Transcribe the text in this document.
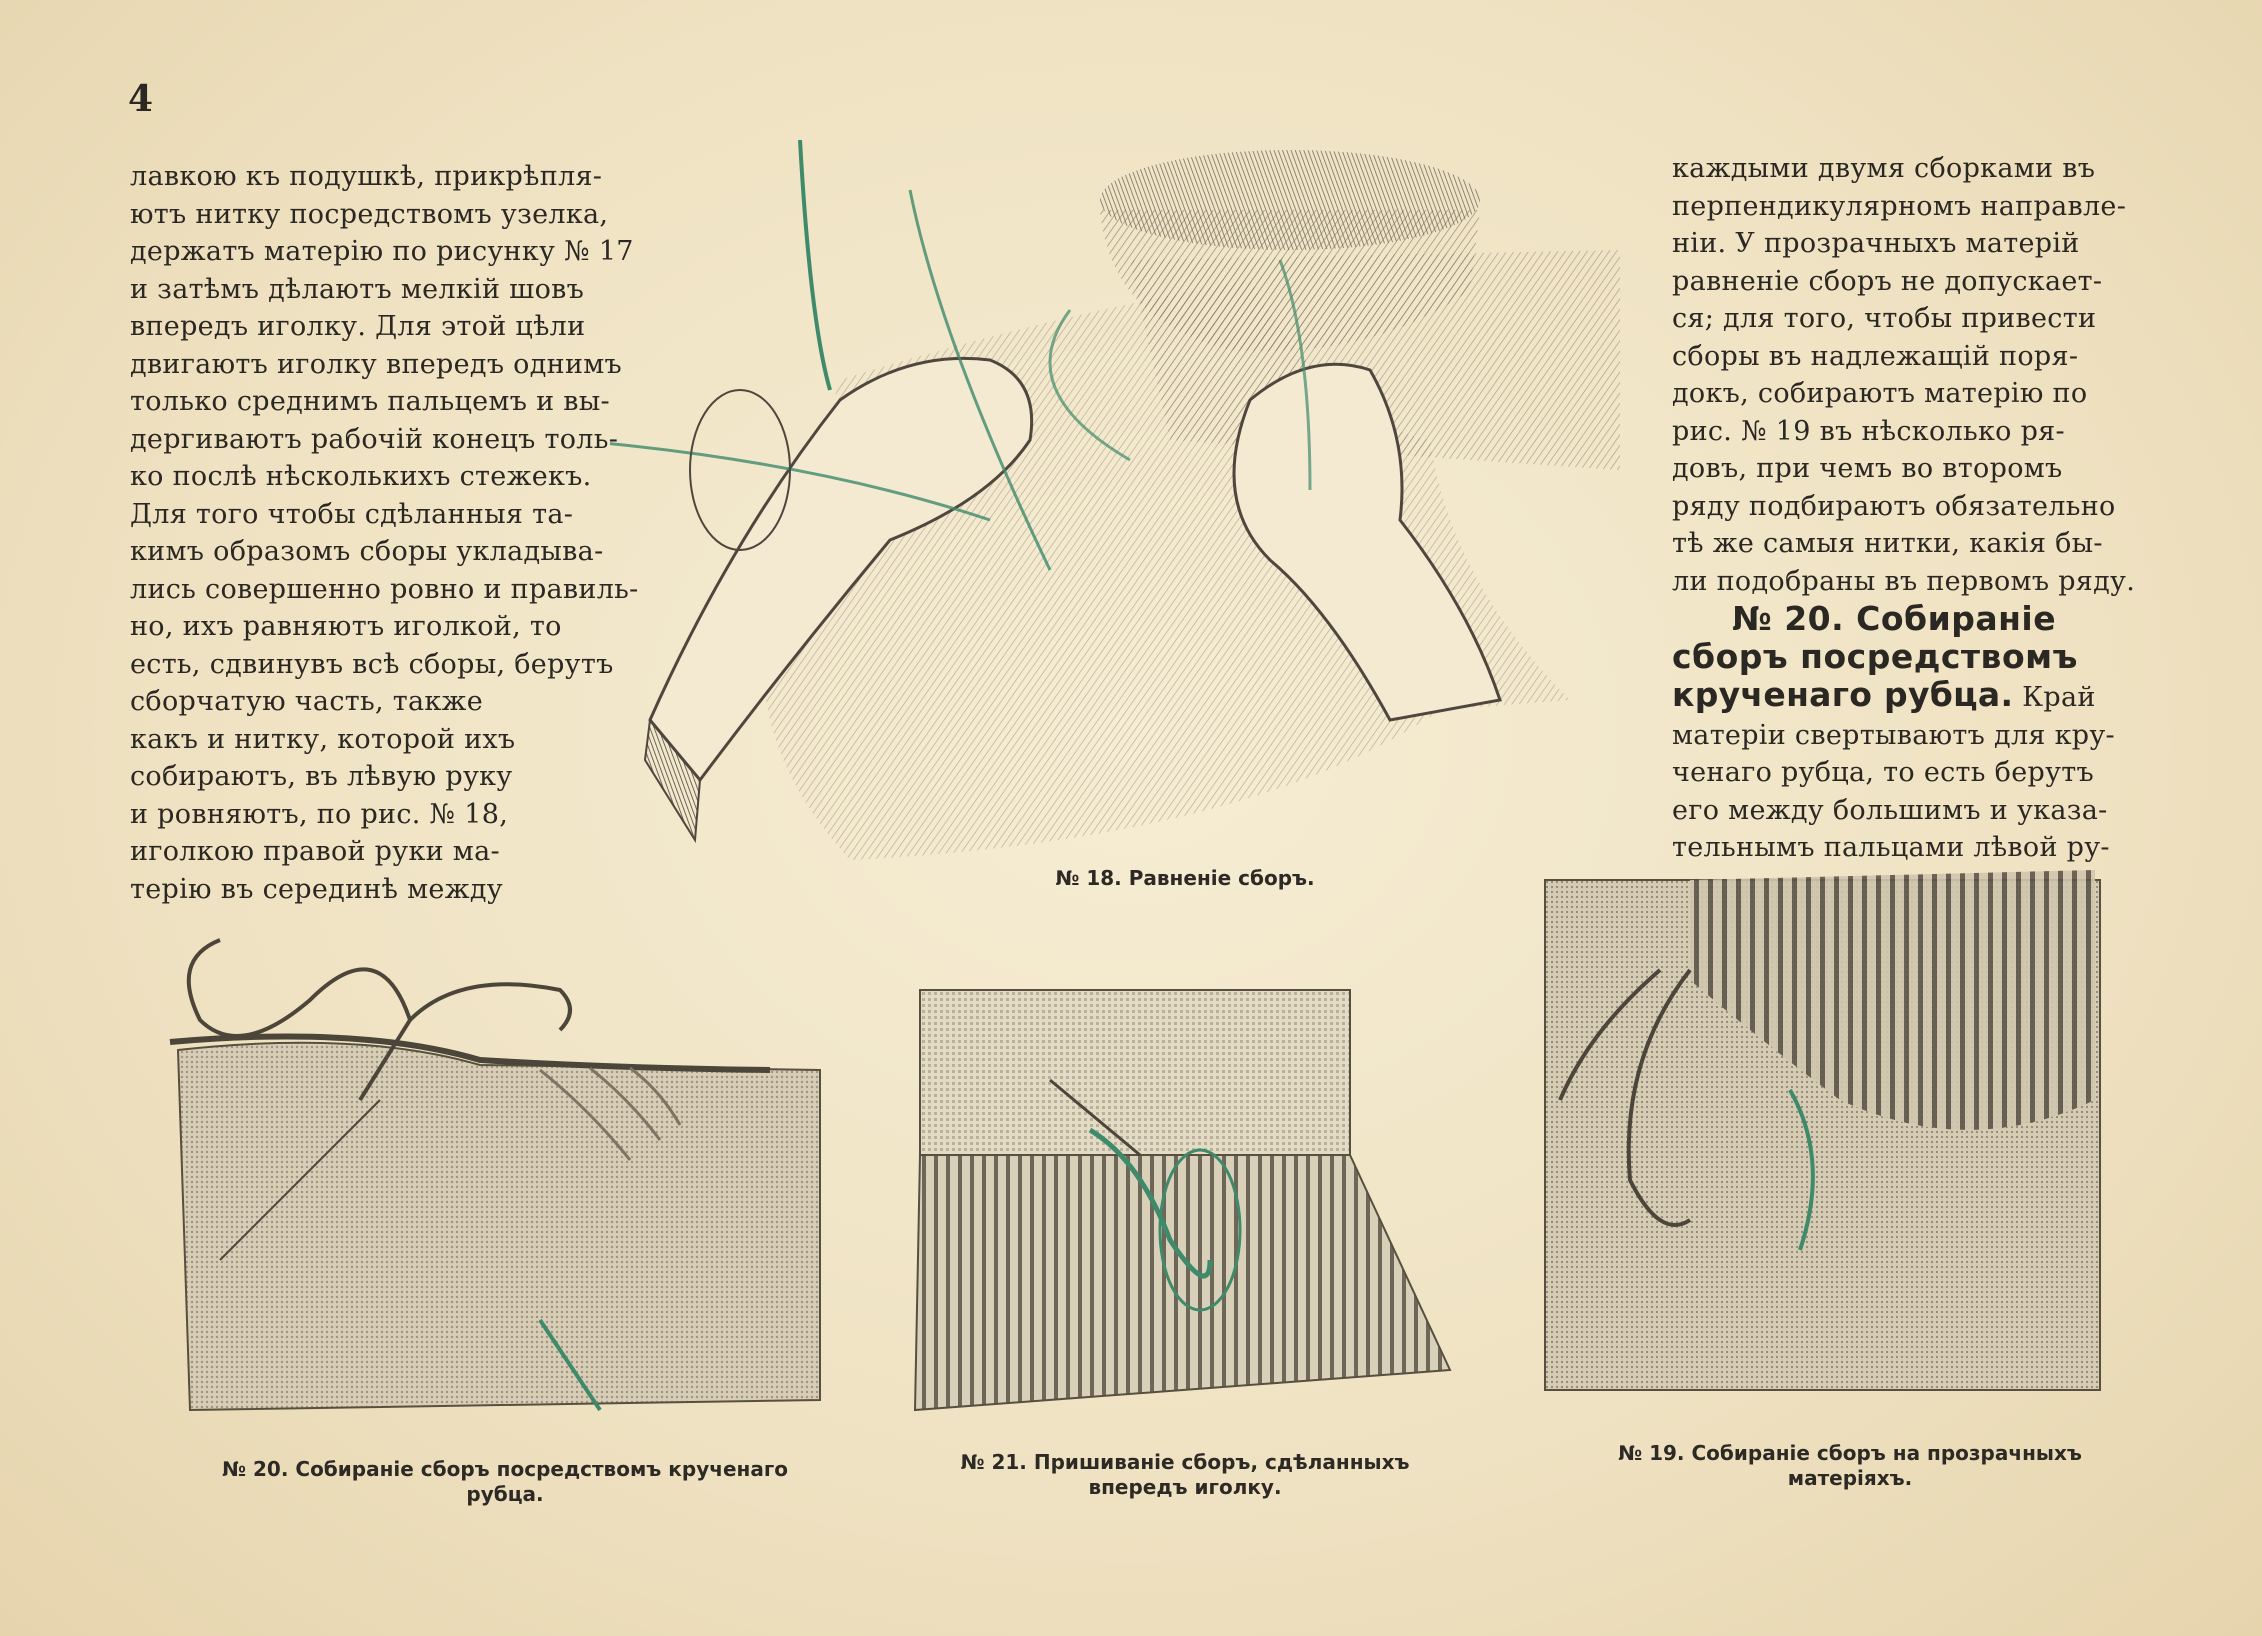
4
лавкою къ подушкѣ, прикрѣпля-
ютъ нитку посредствомъ узелка,
держатъ матерію по рисунку № 17
и затѣмъ дѣлаютъ мелкій шовъ
впередъ иголку. Для этой цѣли
двигаютъ иголку впередъ однимъ
только среднимъ пальцемъ и вы-
дергиваютъ рабочій конецъ толь-
ко послѣ нѣсколькихъ стежекъ.
Для того чтобы сдѣланныя та-
кимъ образомъ сборы укладыва-
лись совершенно ровно и правиль-
но, ихъ равняютъ иголкой, то
есть, сдвинувъ всѣ сборы, берутъ
сборчатую часть, также
какъ и нитку, которой ихъ
собираютъ, въ лѣвую руку
и ровняютъ, по рис. № 18,
иголкою правой руки ма-
терію въ серединѣ между
каждыми двумя сборками въ
перпендикулярномъ направле-
ніи. У прозрачныхъ матерій
равненіе сборъ не допускает-
ся; для того, чтобы привести
сборы въ надлежащій поря-
докъ, собираютъ матерію по
рис. № 19 въ нѣсколько ря-
довъ, при чемъ во второмъ
ряду подбираютъ обязательно
тѣ же самыя нитки, какія бы-
ли подобраны въ первомъ ряду.
№ 20. Собираніе
сборъ посредствомъ
крученаго рубца. Край
матеріи свертываютъ для кру-
ченаго рубца, то есть берутъ
его между большимъ и указа-
тельнымъ пальцами лѣвой ру-
№ 18. Равненіе сборъ.
№ 20. Собираніе сборъ посредствомъ крученаго
рубца.
№ 21. Пришиваніе сборъ, сдѣланныхъ
впередъ иголку.
№ 19. Собираніе сборъ на прозрачныхъ
матеріяхъ.
